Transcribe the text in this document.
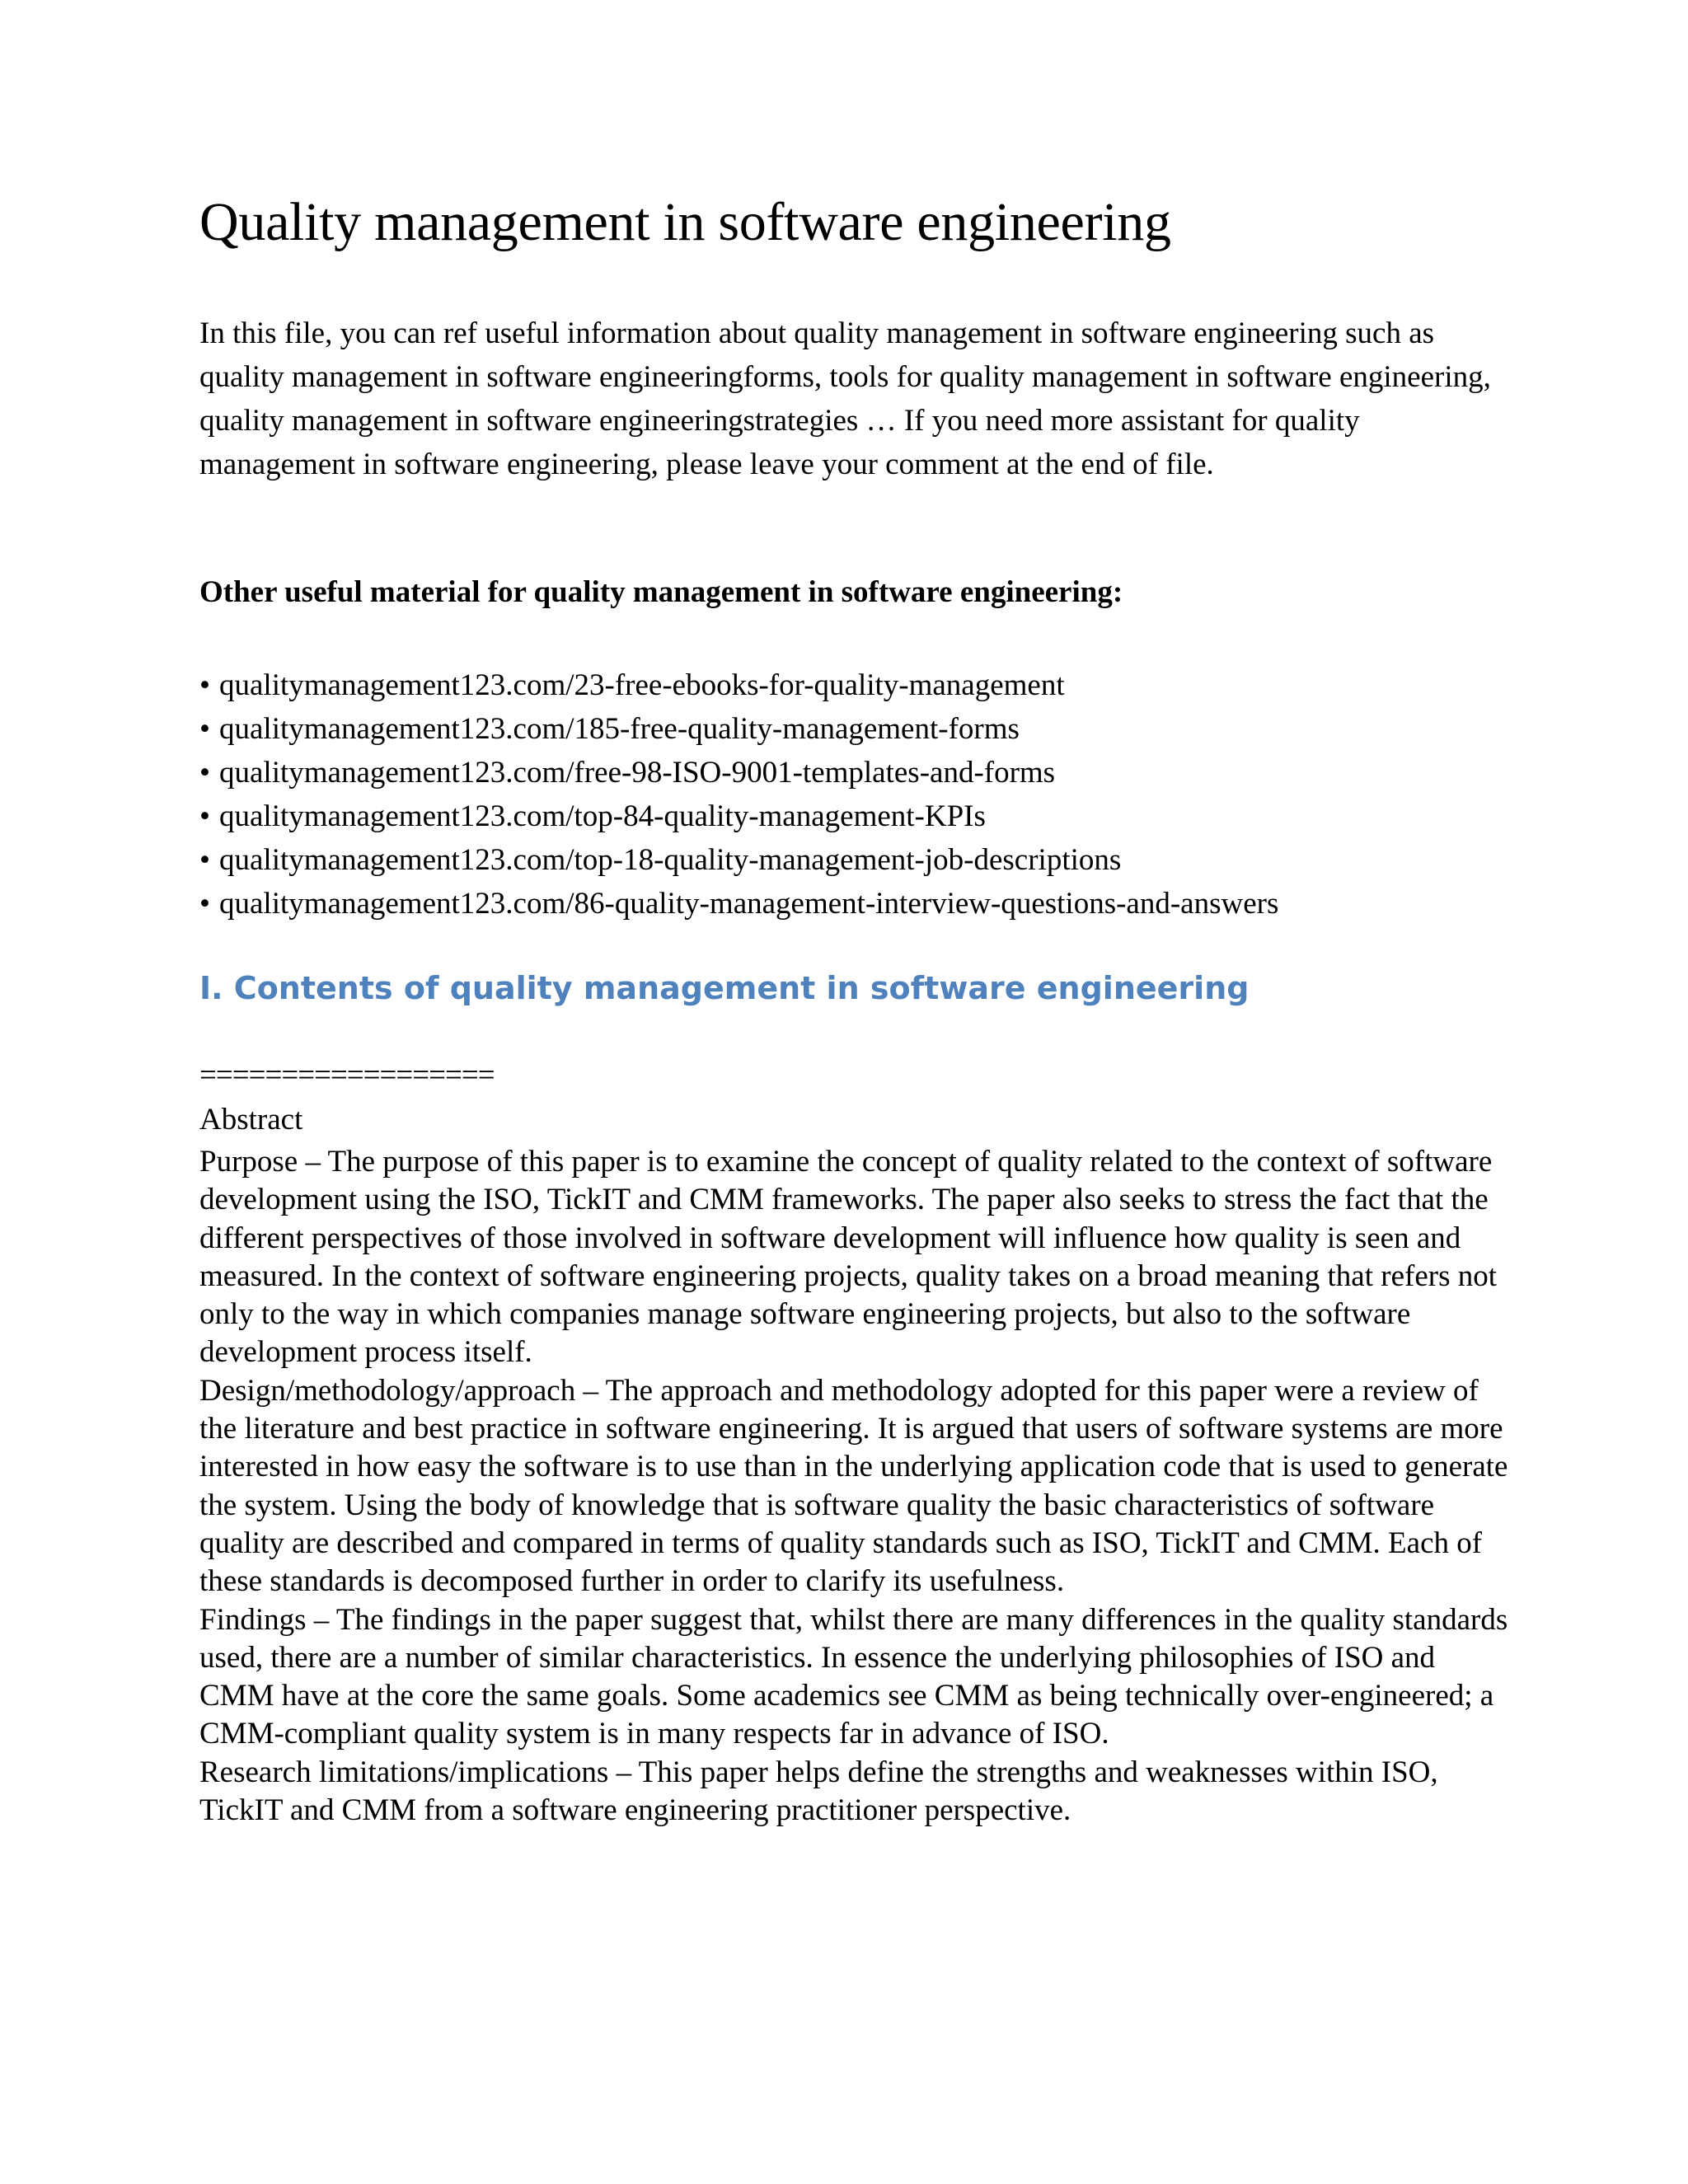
Quality management in software engineering

In this file, you can ref useful information about quality management in software engineering such as quality management in software engineeringforms, tools for quality management in software engineering, quality management in software engineeringstrategies … If you need more assistant for quality management in software engineering, please leave your comment at the end of file.

Other useful material for quality management in software engineering:

• qualitymanagement123.com/23-free-ebooks-for-quality-management
• qualitymanagement123.com/185-free-quality-management-forms
• qualitymanagement123.com/free-98-ISO-9001-templates-and-forms
• qualitymanagement123.com/top-84-quality-management-KPIs
• qualitymanagement123.com/top-18-quality-management-job-descriptions
• qualitymanagement123.com/86-quality-management-interview-questions-and-answers
I. Contents of quality management in software engineering

==================

Abstract

Purpose – The purpose of this paper is to examine the concept of quality related to the context of software development using the ISO, TickIT and CMM frameworks. The paper also seeks to stress the fact that the different perspectives of those involved in software development will influence how quality is seen and measured. In the context of software engineering projects, quality takes on a broad meaning that refers not only to the way in which companies manage software engineering projects, but also to the software development process itself.

Design/methodology/approach – The approach and methodology adopted for this paper were a review of the literature and best practice in software engineering. It is argued that users of software systems are more interested in how easy the software is to use than in the underlying application code that is used to generate the system. Using the body of knowledge that is software quality the basic characteristics of software quality are described and compared in terms of quality standards such as ISO, TickIT and CMM. Each of these standards is decomposed further in order to clarify its usefulness.

Findings – The findings in the paper suggest that, whilst there are many differences in the quality standards used, there are a number of similar characteristics. In essence the underlying philosophies of ISO and CMM have at the core the same goals. Some academics see CMM as being technically over-engineered; a CMM-compliant quality system is in many respects far in advance of ISO.

Research limitations/implications – This paper helps define the strengths and weaknesses within ISO, TickIT and CMM from a software engineering practitioner perspective.
